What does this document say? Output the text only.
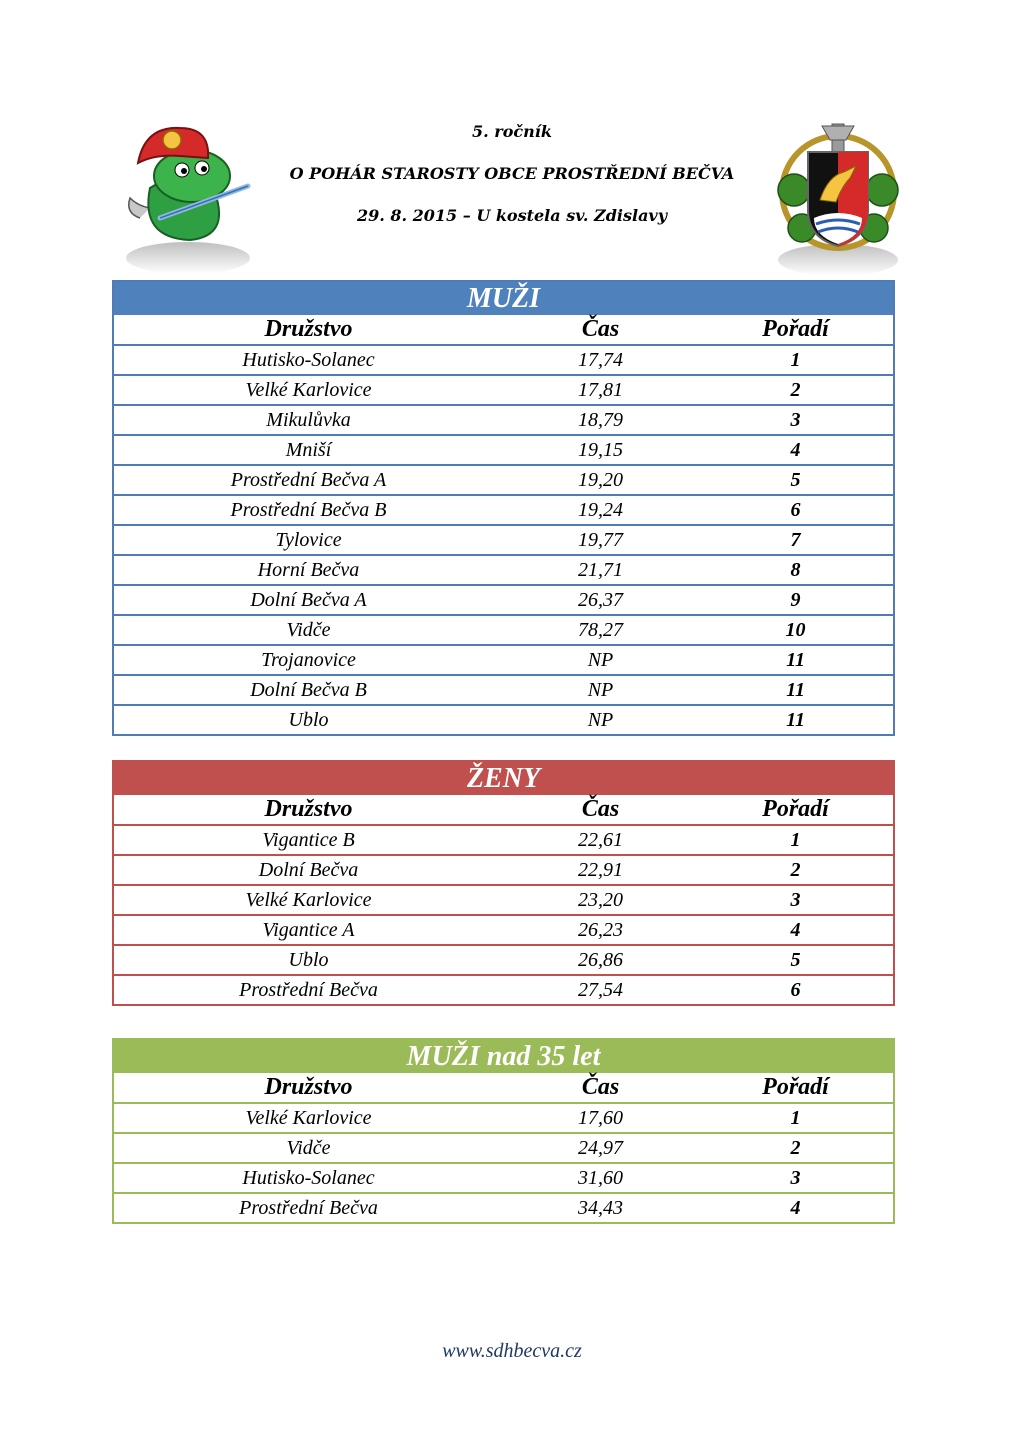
5. ročník
O POHÁR STAROSTY OBCE PROSTŘEDNÍ BEČVA
29. 8. 2015 – U kostela sv. Zdislavy
MUŽI		
Družstvo	Čas	Pořadí
Hutisko-Solanec	17,74	1
Velké Karlovice	17,81	2
Mikulůvka	18,79	3
Mniší	19,15	4
Prostřední Bečva A	19,20	5
Prostřední Bečva B	19,24	6
Tylovice	19,77	7
Horní Bečva	21,71	8
Dolní Bečva A	26,37	9
Vidče	78,27	10
Trojanovice	NP	11
Dolní Bečva B	NP	11
Ublo	NP	11
ŽENY		
Družstvo	Čas	Pořadí
Vigantice B	22,61	1
Dolní Bečva	22,91	2
Velké Karlovice	23,20	3
Vigantice A	26,23	4
Ublo	26,86	5
Prostřední Bečva	27,54	6
MUŽI nad 35 let		
Družstvo	Čas	Pořadí
Velké Karlovice	17,60	1
Vidče	24,97	2
Hutisko-Solanec	31,60	3
Prostřední Bečva	34,43	4
www.sdhbecva.cz
